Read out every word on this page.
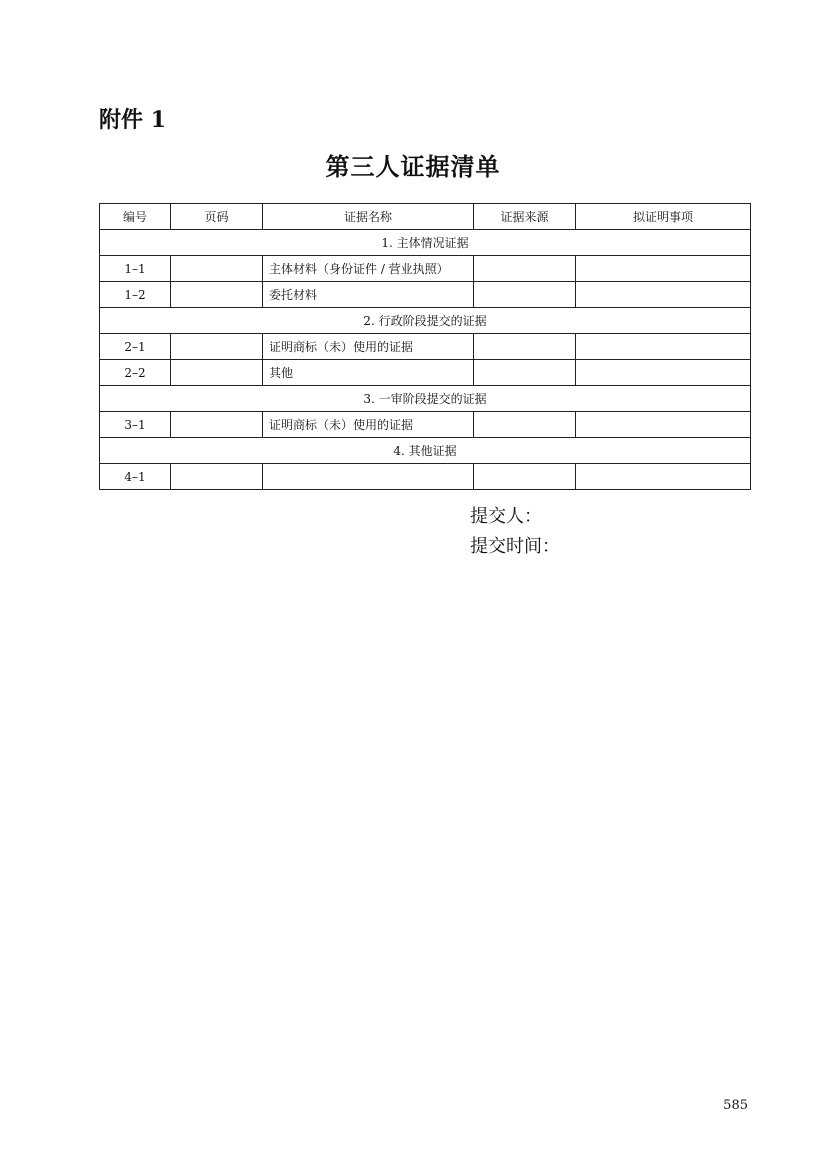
附件 1
第三人证据清单
编号	页码	证据名称	证据来源	拟证明事项
1. 主体情况证据				
1–1		主体材料（身份证件 / 营业执照）		
1–2		委托材料		
2. 行政阶段提交的证据				
2–1		证明商标（未）使用的证据		
2–2		其他		
3. 一审阶段提交的证据				
3–1		证明商标（未）使用的证据		
4. 其他证据				
4–1				
提交人：
提交时间：
585
